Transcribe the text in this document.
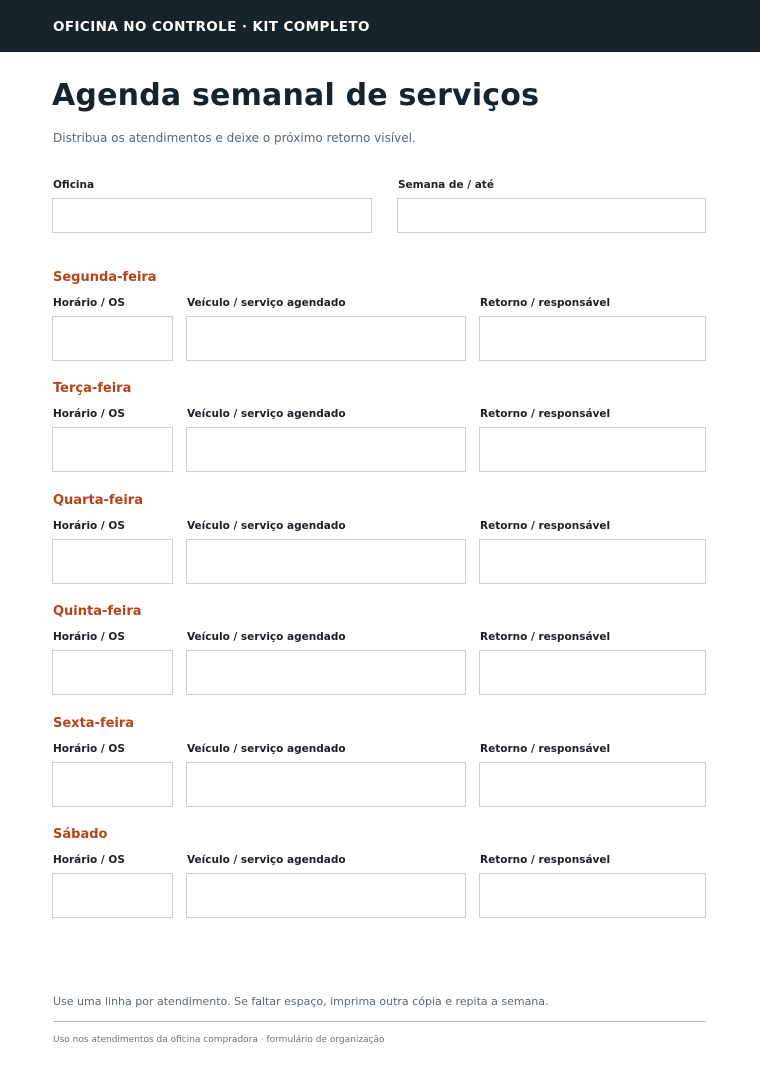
OFICINA NO CONTROLE · KIT COMPLETO
Agenda semanal de serviços

Distribua os atendimentos e deixe o próximo retorno visível.

Oficina	Semana de / até
Segunda-feira
Horário / OS	Veículo / serviço agendado	Retorno / responsável
Terça-feira
Horário / OS	Veículo / serviço agendado	Retorno / responsável
Quarta-feira
Horário / OS	Veículo / serviço agendado	Retorno / responsável
Quinta-feira
Horário / OS	Veículo / serviço agendado	Retorno / responsável
Sexta-feira
Horário / OS	Veículo / serviço agendado	Retorno / responsável
Sábado
Horário / OS	Veículo / serviço agendado	Retorno / responsável
Use uma linha por atendimento. Se faltar espaço, imprima outra cópia e repita a semana.
Uso nos atendimentos da oficina compradora · formulário de organização
